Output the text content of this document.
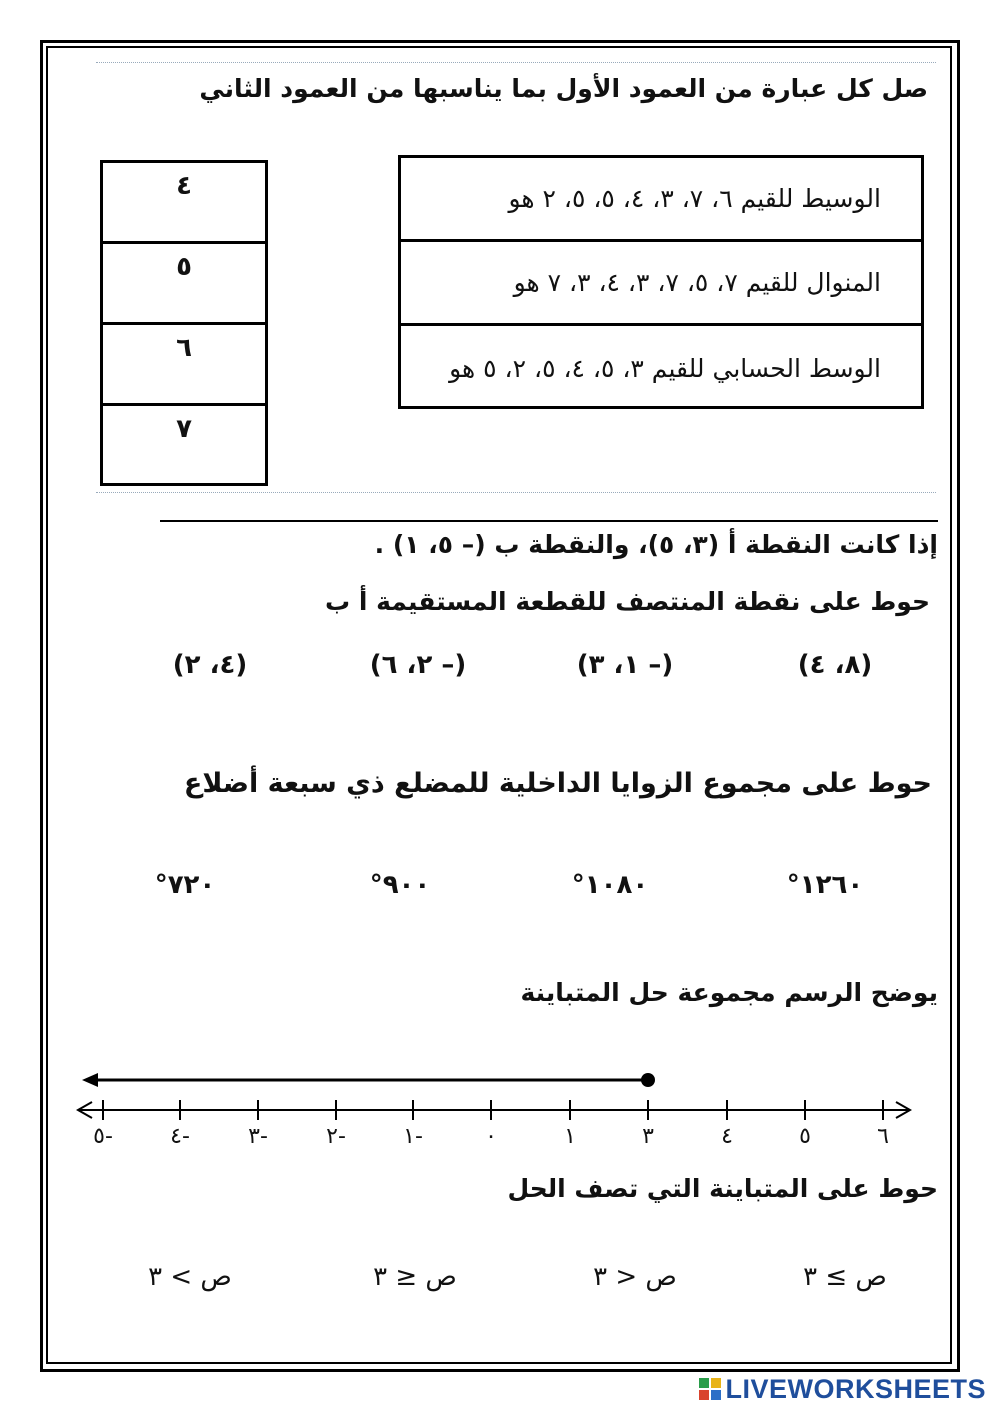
صل كل عبارة من العمود الأول بما يناسبها من العمود الثاني
الوسيط للقيم ٦، ٧، ٣، ٤، ٥، ٥، ٢ هو
المنوال للقيم ٧، ٥، ٧، ٣، ٤، ٣، ٧ هو
الوسط الحسابي للقيم ٣، ٥، ٤، ٥، ٢، ٥ هو
٤
٥
٦
٧
إذا كانت النقطة أ (٣، ٥)، والنقطة ب (– ٥، ١) .
حوط على نقطة المنتصف للقطعة المستقيمة أ ب
(٨، ٤)
(– ١، ٣)
(– ٢، ٦)
(٤، ٢)
حوط على مجموع الزوايا الداخلية للمضلع ذي سبعة أضلاع
°١٢٦٠
°١٠٨٠
°٩٠٠
°٧٢٠
يوضح الرسم مجموعة حل المتباينة
٥-	٤-	٣-	٢-	١-	٠	١	٣	٤	٥	٦
حوط على المتباينة التي تصف الحل
ص ≥ ٣
ص < ٣
ص ≤ ٣
ص > ٣
LIVEWORKSHEETS
